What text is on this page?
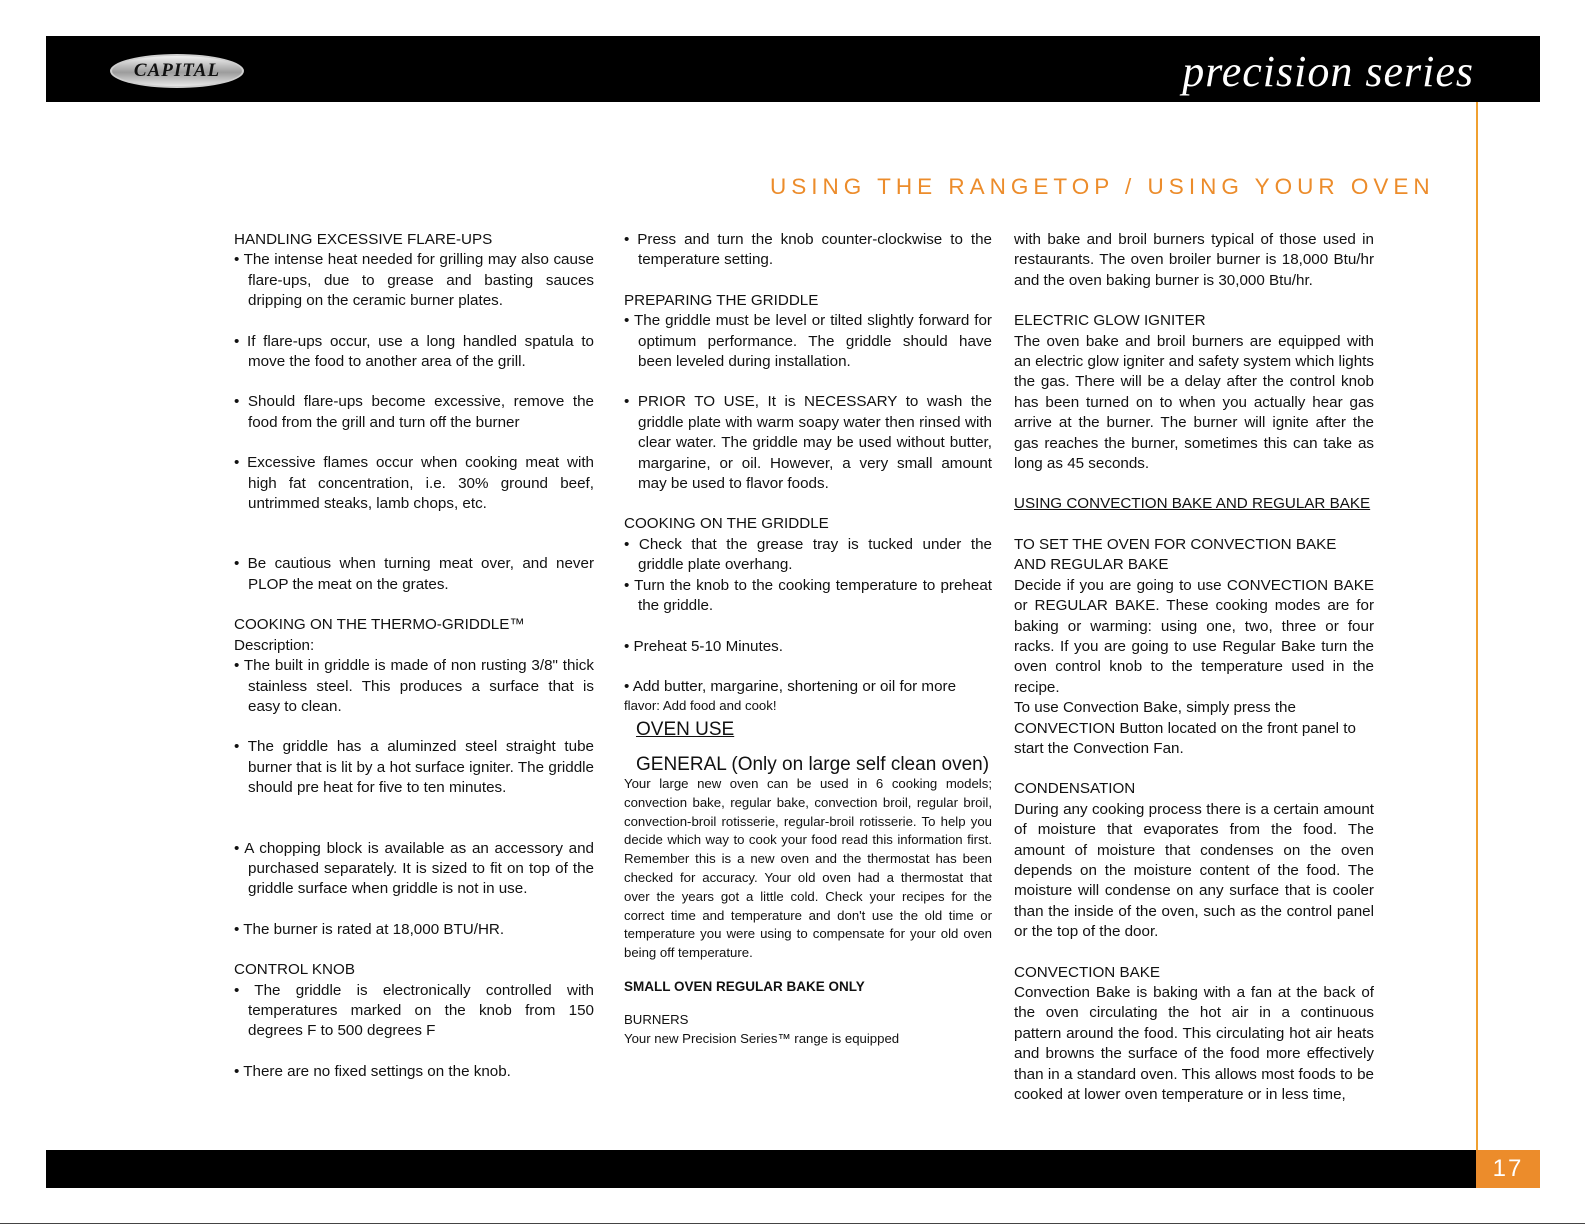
CAPITAL	precision series
USING THE RANGETOP / USING YOUR OVEN
HANDLING EXCESSIVE FLARE-UPS

• The intense heat needed for grilling may also cause flare-ups, due to grease and basting sauces dripping on the ceramic burner plates.

• If flare-ups occur, use a long handled spatula to move the food to another area of the grill.

• Should flare-ups become excessive, remove the food from the grill and turn off the burner

• Excessive flames occur when cooking meat with high fat concentration, i.e. 30% ground beef, untrimmed steaks, lamb chops, etc.

• Be cautious when turning meat over, and never PLOP the meat on the grates.

COOKING ON THE THERMO-GRIDDLE™

Description:

• The built in griddle is made of non rusting 3/8" thick stainless steel. This produces a surface that is easy to clean.

• The griddle has a aluminzed steel straight tube burner that is lit by a hot surface igniter. The griddle should pre heat for five to ten minutes.

• A chopping block is available as an accessory and purchased separately. It is sized to fit on top of the griddle surface when griddle is not in use.

• The burner is rated at 18,000 BTU/HR.

CONTROL KNOB

• The griddle is electronically controlled with temperatures marked on the knob from 150 degrees F to 500 degrees F

• There are no fixed settings on the knob.

• Press and turn the knob counter-clockwise to the temperature setting.

PREPARING THE GRIDDLE

• The griddle must be level or tilted slightly forward for optimum performance. The griddle should have been leveled during installation.

• PRIOR TO USE, It is NECESSARY to wash the griddle plate with warm soapy water then rinsed with clear water. The griddle may be used without butter, margarine, or oil. However, a very small amount may be used to flavor foods.

COOKING ON THE GRIDDLE

• Check that the grease tray is tucked under the griddle plate overhang.

• Turn the knob to the cooking temperature to preheat the griddle.

• Preheat 5-10 Minutes.

• Add butter, margarine, shortening or oil for more

flavor: Add food and cook!

OVEN USE
GENERAL (Only on large self clean oven)

Your large new oven can be used in 6 cooking models; convection bake, regular bake, convection broil, regular broil, convection-broil rotisserie, regular-broil rotisserie. To help you decide which way to cook your food read this information first. Remember this is a new oven and the thermostat has been checked for accuracy. Your old oven had a thermostat that over the years got a little cold. Check your recipes for the correct time and temperature and don't use the old time or temperature you were using to compensate for your old oven being off temperature.

SMALL OVEN REGULAR BAKE ONLY

BURNERS

Your new Precision Series™ range is equipped

with bake and broil burners typical of those used in restaurants. The oven broiler burner is 18,000 Btu/hr and the oven baking burner is 30,000 Btu/hr.

ELECTRIC GLOW IGNITER

The oven bake and broil burners are equipped with an electric glow igniter and safety system which lights the gas. There will be a delay after the control knob has been turned on to when you actually hear gas arrive at the burner. The burner will ignite after the gas reaches the burner, sometimes this can take as long as 45 seconds.

USING CONVECTION BAKE AND REGULAR BAKE
TO SET THE OVEN FOR CONVECTION BAKE
AND REGULAR BAKE

Decide if you are going to use CONVECTION BAKE or REGULAR BAKE. These cooking modes are for baking or warming: using one, two, three or four racks. If you are going to use Regular Bake turn the oven control knob to the temperature used in the recipe.

To use Convection Bake, simply press the CONVECTION Button located on the front panel to start the Convection Fan.

CONDENSATION

During any cooking process there is a certain amount of moisture that evaporates from the food. The amount of moisture that condenses on the oven depends on the moisture content of the food. The moisture will condense on any surface that is cooler than the inside of the oven, such as the control panel or the top of the door.

CONVECTION BAKE

Convection Bake is baking with a fan at the back of the oven circulating the hot air in a continuous pattern around the food. This circulating hot air heats and browns the surface of the food more effectively than in a standard oven. This allows most foods to be cooked at lower oven temperature or in less time,

17
